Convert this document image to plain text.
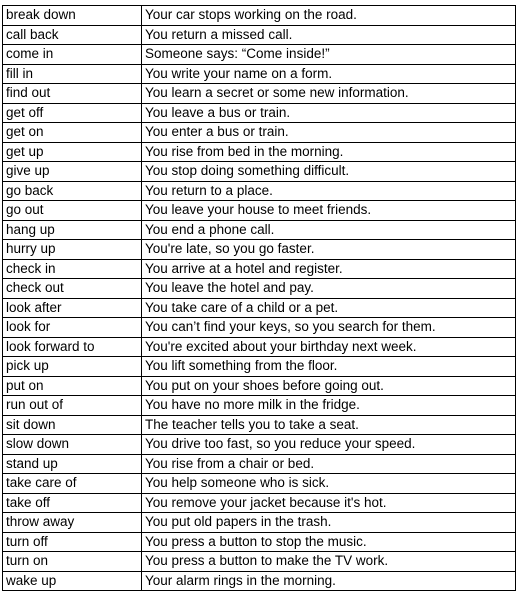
break down	Your car stops working on the road.
call back	You return a missed call.
come in	Someone says: “Come inside!”
fill in	You write your name on a form.
find out	You learn a secret or some new information.
get off	You leave a bus or train.
get on	You enter a bus or train.
get up	You rise from bed in the morning.
give up	You stop doing something difficult.
go back	You return to a place.
go out	You leave your house to meet friends.
hang up	You end a phone call.
hurry up	You're late, so you go faster.
check in	You arrive at a hotel and register.
check out	You leave the hotel and pay.
look after	You take care of a child or a pet.
look for	You can’t find your keys, so you search for them.
look forward to	You're excited about your birthday next week.
pick up	You lift something from the floor.
put on	You put on your shoes before going out.
run out of	You have no more milk in the fridge.
sit down	The teacher tells you to take a seat.
slow down	You drive too fast, so you reduce your speed.
stand up	You rise from a chair or bed.
take care of	You help someone who is sick.
take off	You remove your jacket because it's hot.
throw away	You put old papers in the trash.
turn off	You press a button to stop the music.
turn on	You press a button to make the TV work.
wake up	Your alarm rings in the morning.
